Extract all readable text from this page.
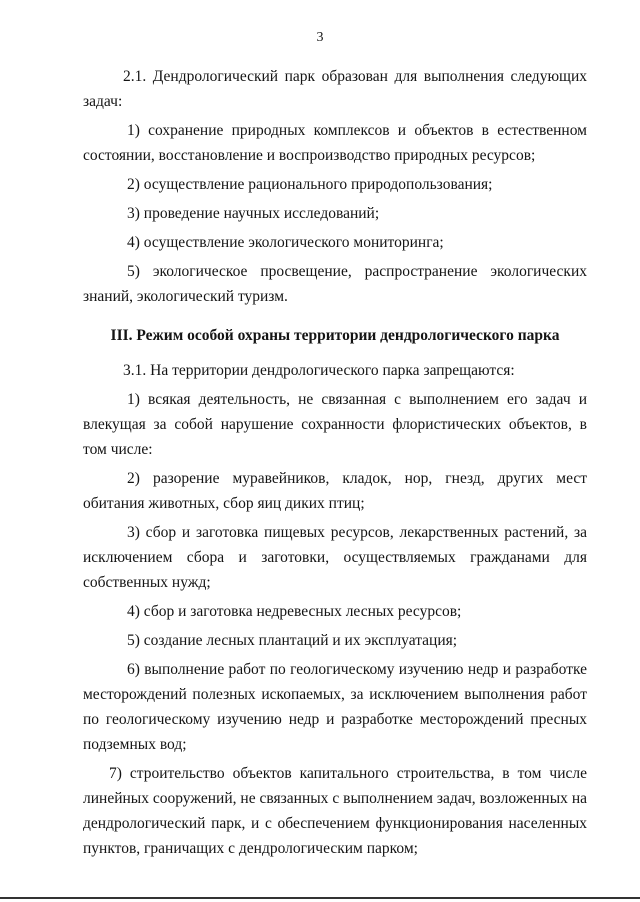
3

2.1. Дендрологический парк образован для выполнения следующих задач:

1) сохранение природных комплексов и объектов в естественном состоянии, восстановление и воспроизводство природных ресурсов;

2) осуществление рационального природопользования;

3) проведение научных исследований;

4) осуществление экологического мониторинга;

5) экологическое просвещение, распространение экологических знаний, экологический туризм.

III. Режим особой охраны территории дендрологического парка

3.1. На территории дендрологического парка запрещаются:

1) всякая деятельность, не связанная с выполнением его задач и влекущая за собой нарушение сохранности флористических объектов, в том числе:

2) разорение муравейников, кладок, нор, гнезд, других мест обитания животных, сбор яиц диких птиц;

3) сбор и заготовка пищевых ресурсов, лекарственных растений, за исключением сбора и заготовки, осуществляемых гражданами для собственных нужд;

4) сбор и заготовка недревесных лесных ресурсов;

5) создание лесных плантаций и их эксплуатация;

6) выполнение работ по геологическому изучению недр и разработке месторождений полезных ископаемых, за исключением выполнения работ по геологическому изучению недр и разработке месторождений пресных подземных вод;

7) строительство объектов капитального строительства, в том числе линейных сооружений, не связанных с выполнением задач, возложенных на дендрологический парк, и с обеспечением функционирования населенных пунктов, граничащих с дендрологическим парком;
